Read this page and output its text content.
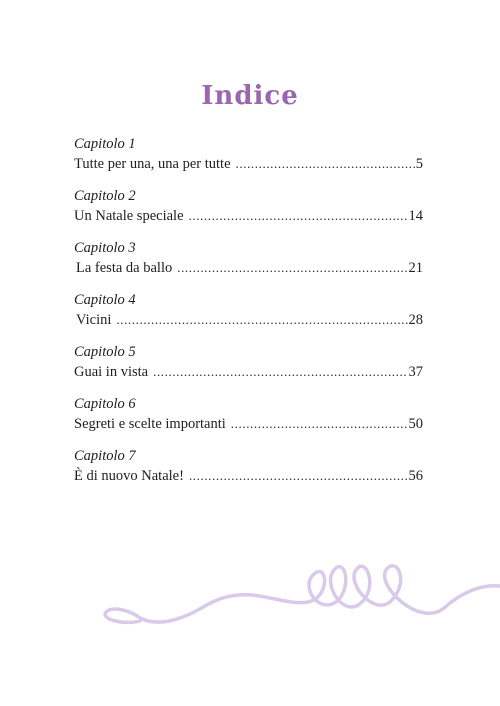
Indice
Capitolo 1
Tutte per una, una per tutte .....	5
Capitolo 2
Un Natale speciale .....	14
Capitolo 3
La festa da ballo .....	21
Capitolo 4
Vicini .....	28
Capitolo 5
Guai in vista .....	37
Capitolo 6
Segreti e scelte importanti .....	50
Capitolo 7
È di nuovo Natale! .....	56
